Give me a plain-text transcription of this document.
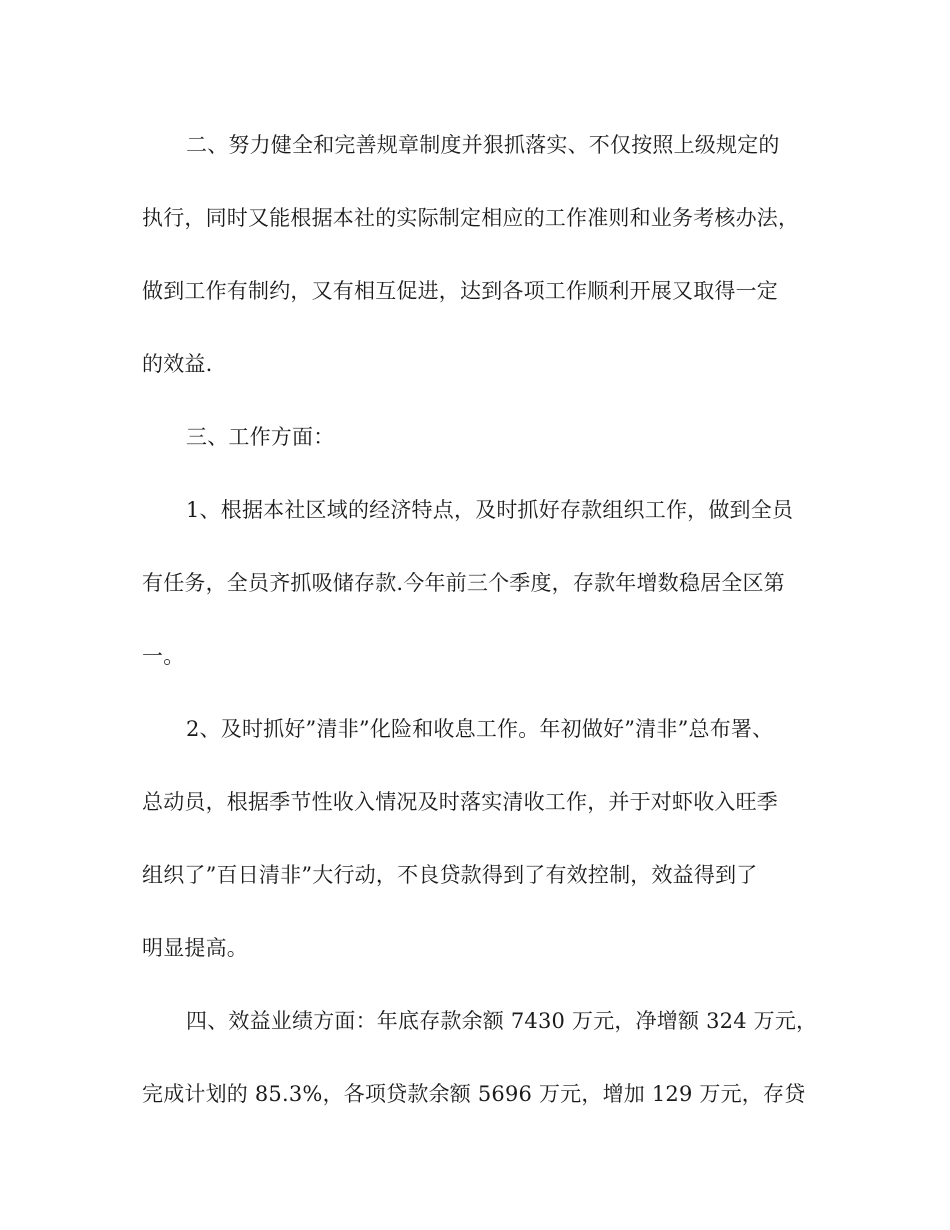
二、努力健全和完善规章制度并狠抓落实、不仅按照上级规定的
执行，同时又能根据本社的实际制定相应的工作准则和业务考核办法，
做到工作有制约，又有相互促进，达到各项工作顺利开展又取得一定
的效益.
三、工作方面：
1、根据本社区域的经济特点，及时抓好存款组织工作，做到全员
有任务，全员齐抓吸储存款.今年前三个季度，存款年增数稳居全区第
一。
2、及时抓好”清非”化险和收息工作。年初做好”清非”总布署、
总动员，根据季节性收入情况及时落实清收工作，并于对虾收入旺季
组织了”百日清非”大行动，不良贷款得到了有效控制，效益得到了
明显提高。
四、效益业绩方面：年底存款余额 7430 万元，净增额 324 万元，
完成计划的 85.3%，各项贷款余额 5696 万元，增加 129 万元，存贷
